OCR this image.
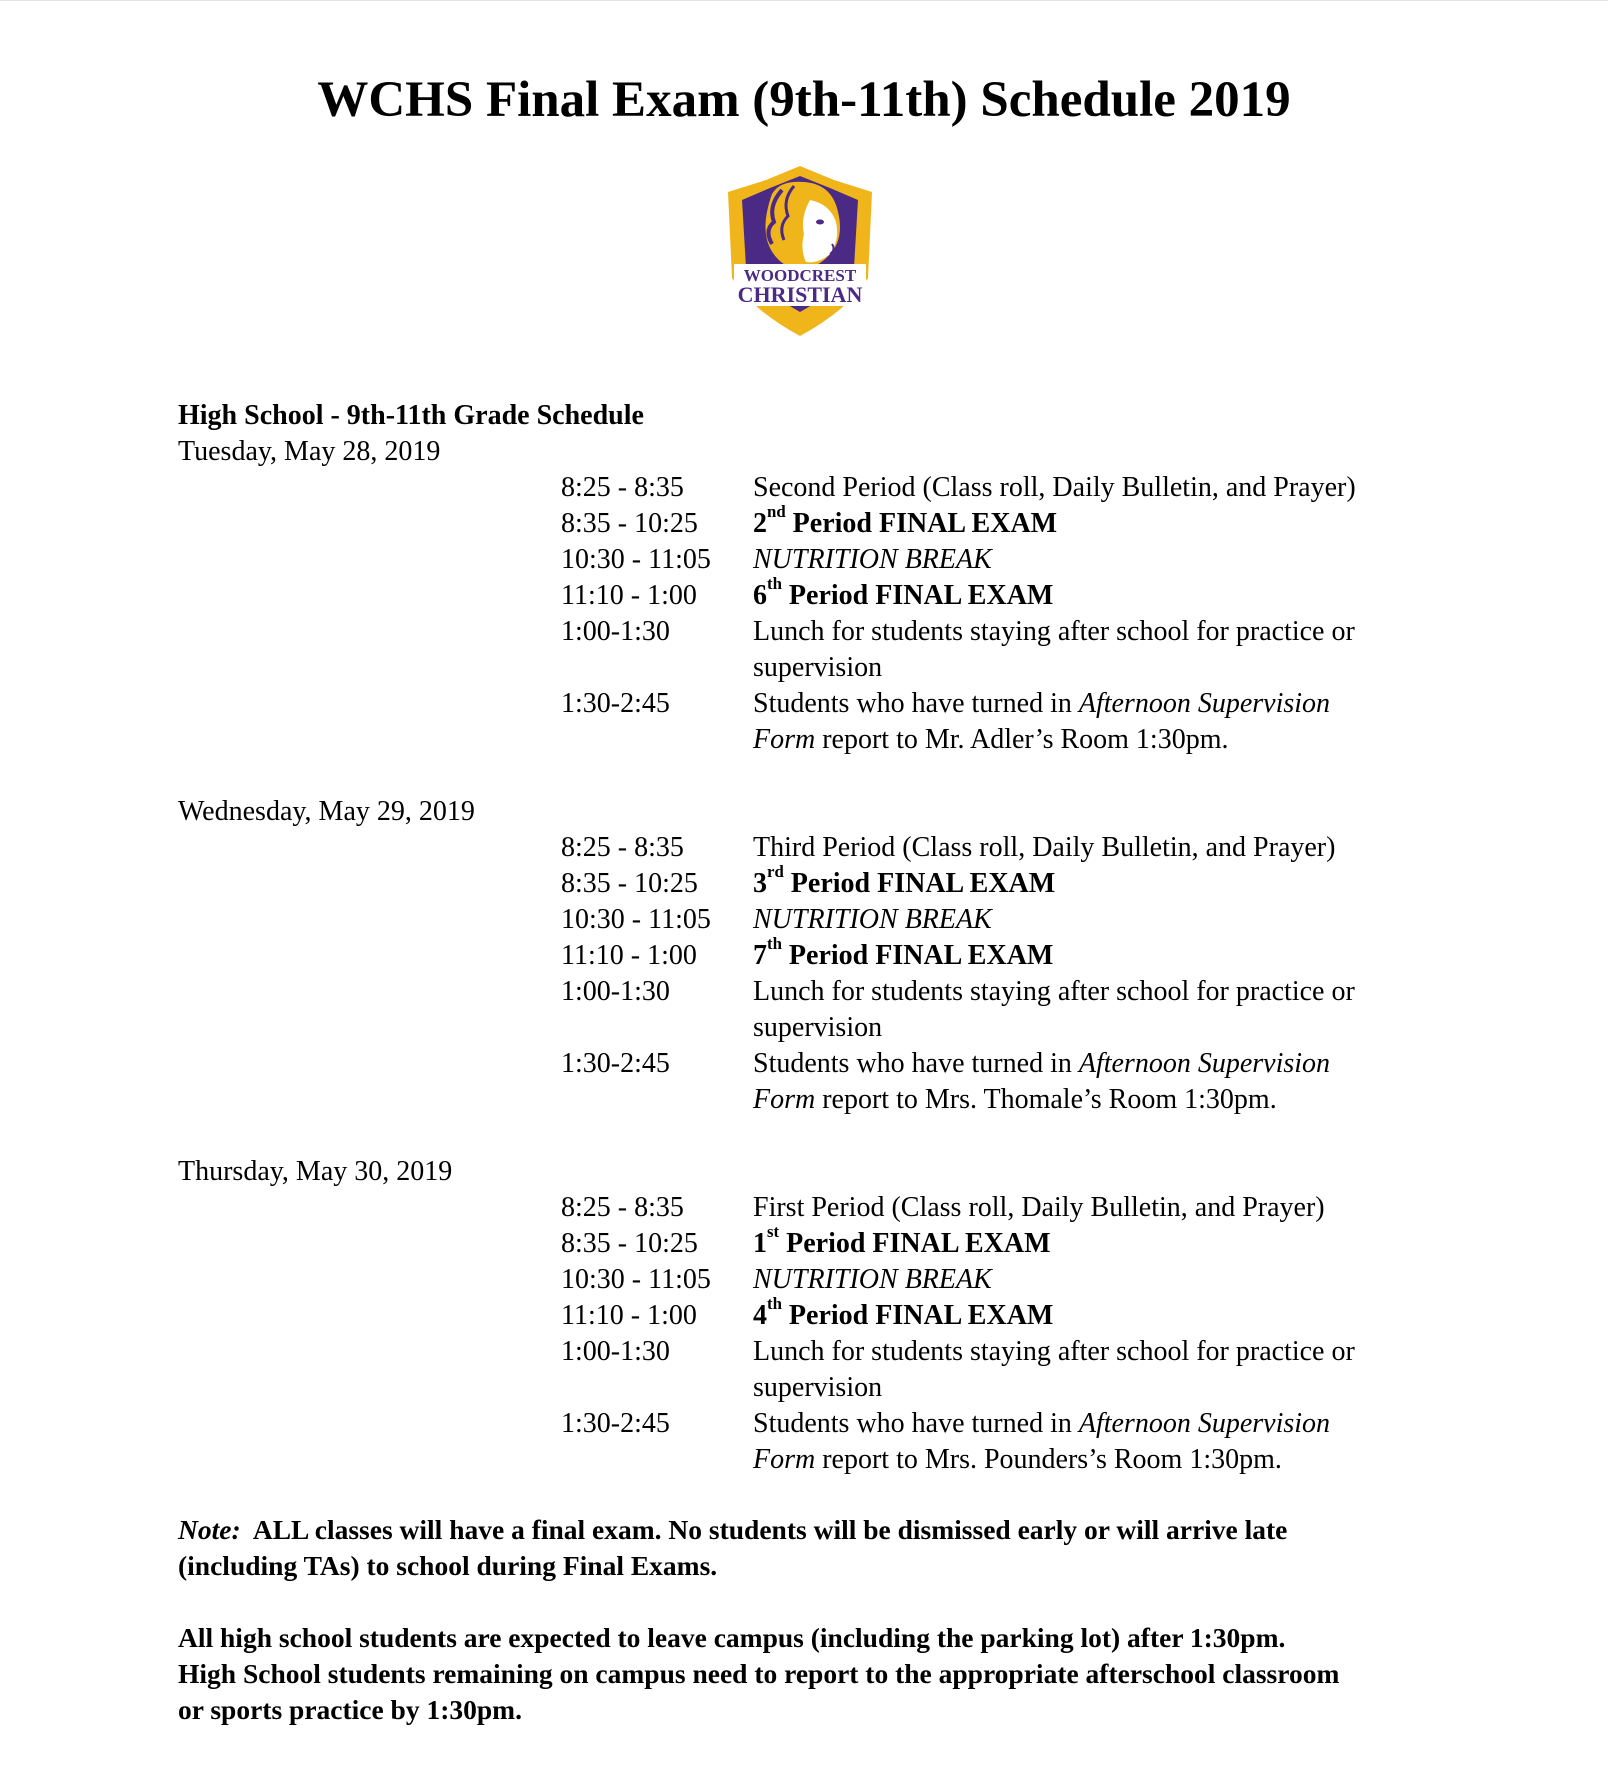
WCHS Final Exam (9th-11th) Schedule 2019
WOODCREST
CHRISTIAN
High School - 9th-11th Grade Schedule
Tuesday, May 28, 2019
8:25 - 8:35	Second Period (Class roll, Daily Bulletin, and Prayer)
8:35 - 10:25	2nd Period FINAL EXAM
10:30 - 11:05	NUTRITION BREAK
11:10 - 1:00	6th Period FINAL EXAM
1:00-1:30	Lunch for students staying after school for practice or
supervision
1:30-2:45	Students who have turned in Afternoon Supervision
Form report to Mr. Adler’s Room 1:30pm.
Wednesday, May 29, 2019
8:25 - 8:35	Third Period (Class roll, Daily Bulletin, and Prayer)
8:35 - 10:25	3rd Period FINAL EXAM
10:30 - 11:05	NUTRITION BREAK
11:10 - 1:00	7th Period FINAL EXAM
1:00-1:30	Lunch for students staying after school for practice or
supervision
1:30-2:45	Students who have turned in Afternoon Supervision
Form report to Mrs. Thomale’s Room 1:30pm.
Thursday, May 30, 2019
8:25 - 8:35	First Period (Class roll, Daily Bulletin, and Prayer)
8:35 - 10:25	1st Period FINAL EXAM
10:30 - 11:05	NUTRITION BREAK
11:10 - 1:00	4th Period FINAL EXAM
1:00-1:30	Lunch for students staying after school for practice or
supervision
1:30-2:45	Students who have turned in Afternoon Supervision
Form report to Mrs. Pounders’s Room 1:30pm.
Note: ALL classes will have a final exam. No students will be dismissed early or will arrive late
(including TAs) to school during Final Exams.
All high school students are expected to leave campus (including the parking lot) after 1:30pm.
High School students remaining on campus need to report to the appropriate afterschool classroom
or sports practice by 1:30pm.
